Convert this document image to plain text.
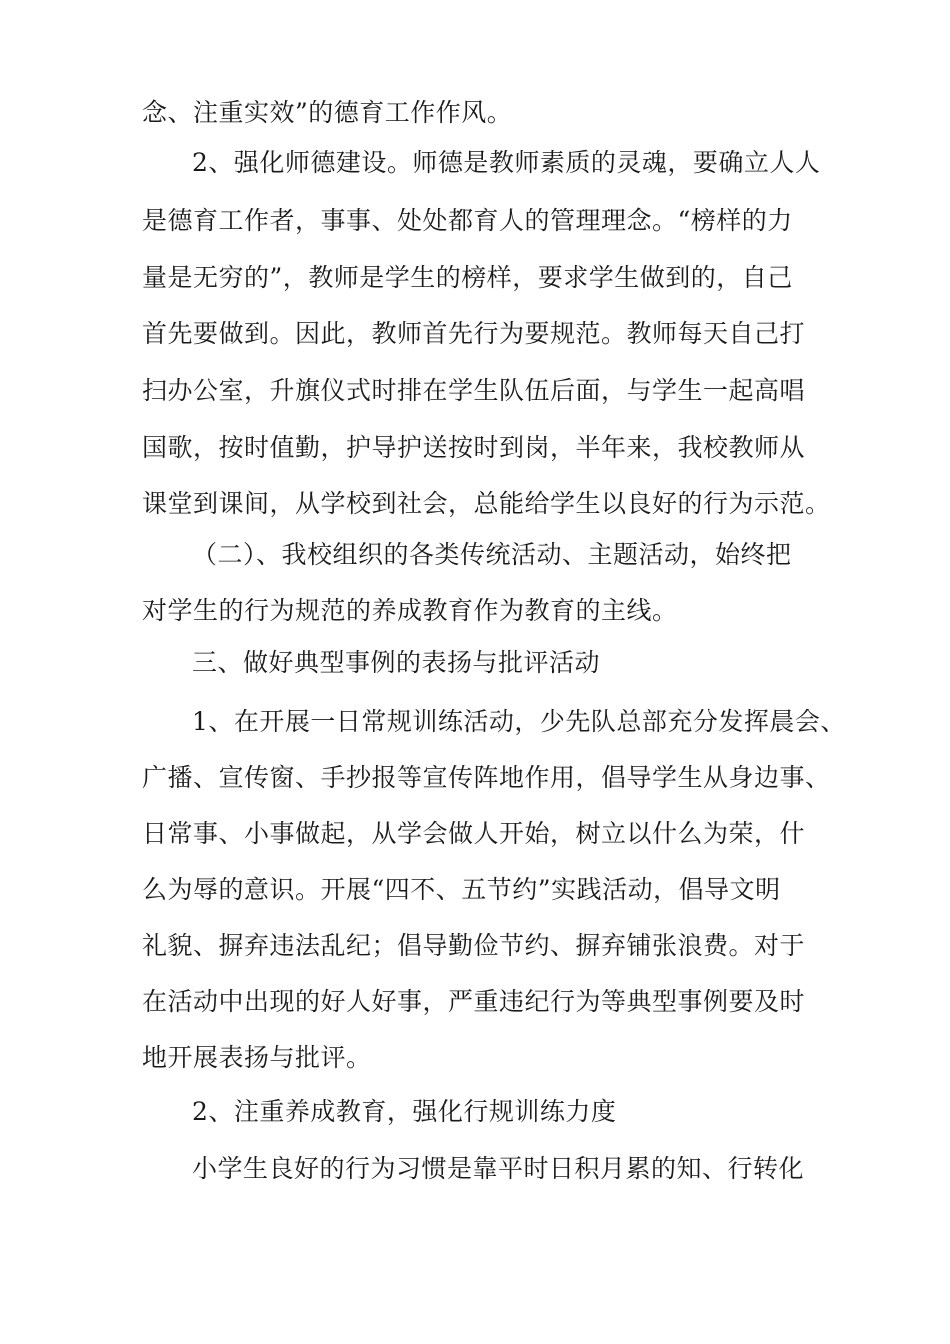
念、注重实效”的德育工作作风。
2、强化师德建设。师德是教师素质的灵魂，要确立人人
是德育工作者，事事、处处都育人的管理理念。“榜样的力
量是无穷的”，教师是学生的榜样，要求学生做到的，自己
首先要做到。因此，教师首先行为要规范。教师每天自己打
扫办公室，升旗仪式时排在学生队伍后面，与学生一起高唱
国歌，按时值勤，护导护送按时到岗，半年来，我校教师从
课堂到课间，从学校到社会，总能给学生以良好的行为示范。
（二）、我校组织的各类传统活动、主题活动，始终把
对学生的行为规范的养成教育作为教育的主线。
三、做好典型事例的表扬与批评活动
1、在开展一日常规训练活动，少先队总部充分发挥晨会、
广播、宣传窗、手抄报等宣传阵地作用，倡导学生从身边事、
日常事、小事做起，从学会做人开始，树立以什么为荣，什
么为辱的意识。开展“四不、五节约”实践活动，倡导文明
礼貌、摒弃违法乱纪；倡导勤俭节约、摒弃铺张浪费。对于
在活动中出现的好人好事，严重违纪行为等典型事例要及时
地开展表扬与批评。
2、注重养成教育，强化行规训练力度
小学生良好的行为习惯是靠平时日积月累的知、行转化
